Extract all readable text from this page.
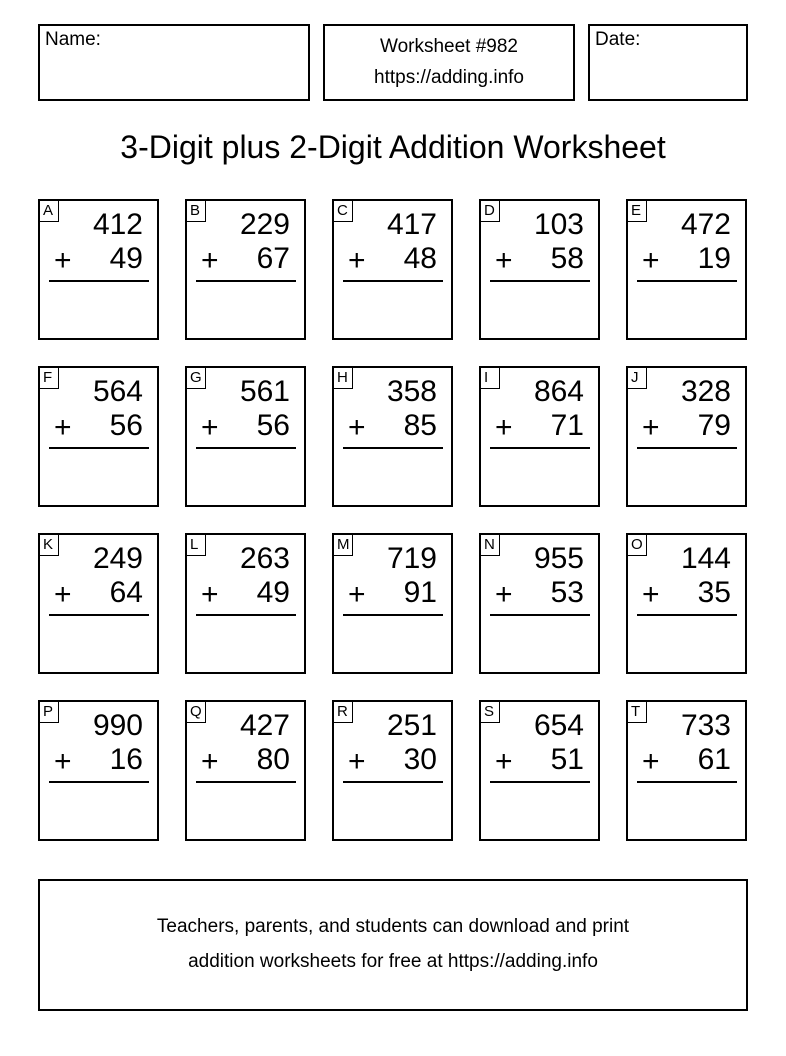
Name:	Worksheet #982
https://adding.info
Date:
3-Digit plus 2-Digit Addition Worksheet
A 412
+ 49
B 229
+ 67
C 417
+ 48
D 103
+ 58
E 472
+ 19
F 564
+ 56
G 561
+ 56
H 358
+ 85
I	864
+ 71
J 328
+ 79
K 249
+ 64
L 263
+ 49
M 719
+ 91
N 955
+ 53
O 144
+ 35
P 990
+ 16
Q 427
+ 80
R 251
+ 30
S 654
+ 51
T 733
+ 61
Teachers, parents, and students can download and print
addition worksheets for free at https://adding.info
